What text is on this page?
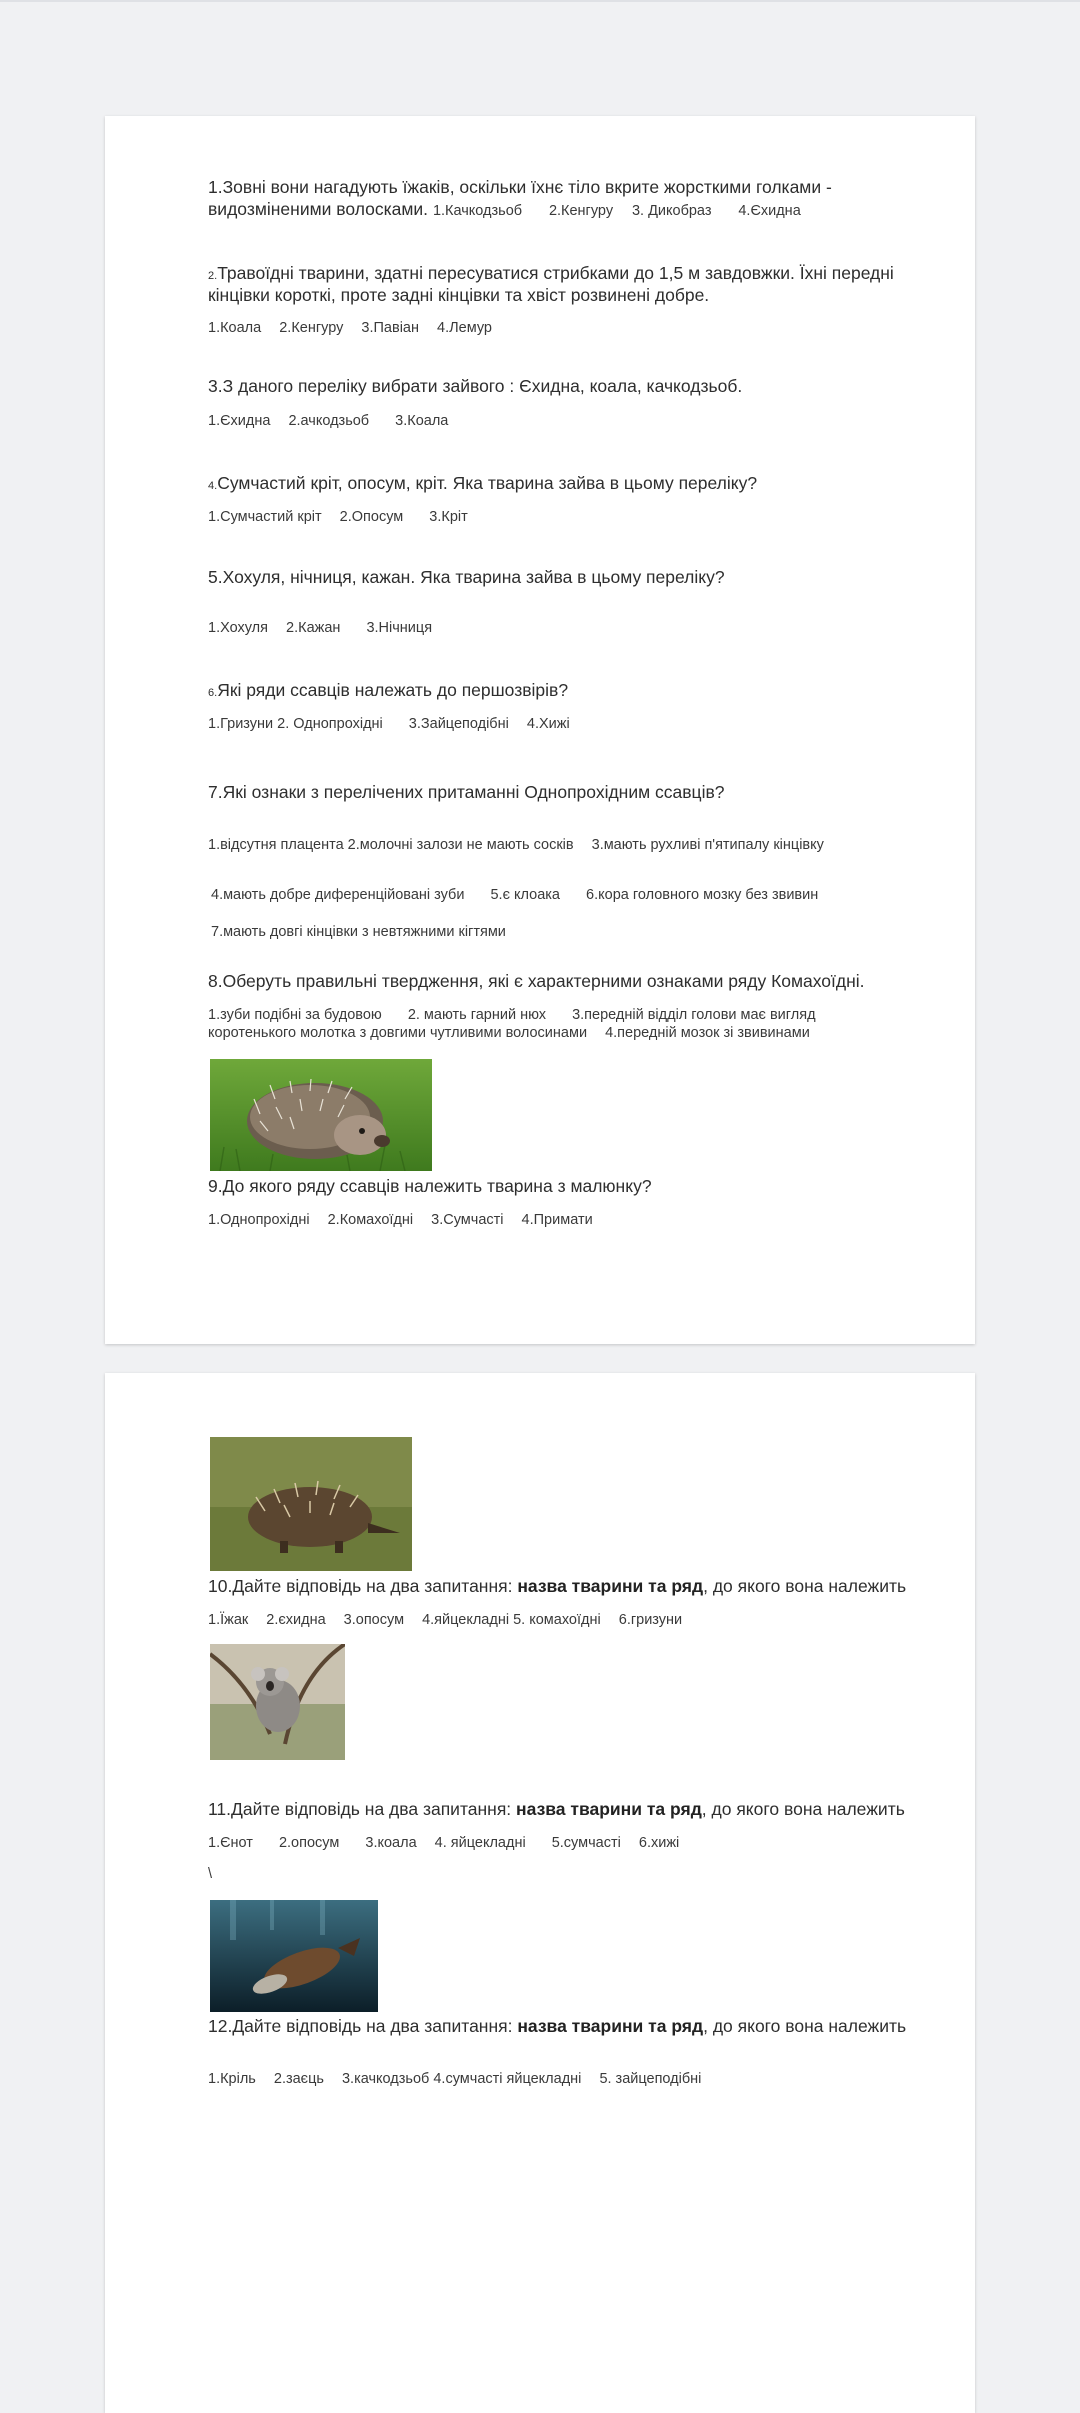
1.Зовні вони нагадують їжаків, оскільки їхнє тіло вкрите жорсткими голками -
видозміненими волосками. 1.Качкодзьоб 2.Кенгуру 3. Дикобраз 4.Єхидна
2.Травоїдні тварини, здатні пересуватися стрибками до 1,5 м завдовжки. Їхні передні
кінцівки короткі, проте задні кінцівки та хвіст розвинені добре.
1.Коала 2.Кенгуру 3.Павіан 4.Лемур
3.З даного переліку вибрати зайвого : Єхидна, коала, качкодзьоб.
1.Єхидна 2.ачкодзьоб 3.Коала
4.Сумчастий кріт, опосум, кріт. Яка тварина зайва в цьому переліку?
1.Сумчастий кріт 2.Опосум 3.Кріт
5.Хохуля, нічниця, кажан. Яка тварина зайва в цьому переліку?
1.Хохуля 2.Кажан 3.Нічниця
6.Які ряди ссавців належать до першозвірів?
1.Гризуни 2. Однопрохідні 3.Зайцеподібні 4.Хижі
7.Які ознаки з перелічених притаманні Однопрохідним ссавців?
1.відсутня плацента 2.молочні залози не мають сосків 3.мають рухливі п'ятипалу кінцівку
4.мають добре диференційовані зуби 5.є клоака 6.кора головного мозку без звивин
7.мають довгі кінцівки з невтяжними кігтями
8.Оберуть правильні твердження, які є характерними ознаками ряду Комахоїдні.
1.зуби подібні за будовою 2. мають гарний нюх 3.передній відділ голови має вигляд
коротенького молотка з довгими чутливими волосинами 4.передній мозок зі звивинами
9.До якого ряду ссавців належить тварина з малюнку?
1.Однопрохідні 2.Комахоїдні 3.Сумчасті 4.Примати
10.Дайте відповідь на два запитання: назва тварини та ряд, до якого вона належить
1.Їжак 2.єхидна 3.опосум 4.яйцекладні 5. комахоїдні 6.гризуни
11.Дайте відповідь на два запитання: назва тварини та ряд, до якого вона належить
1.Єнот 2.опосум 3.коала 4. яйцекладні 5.сумчасті 6.хижі
\
12.Дайте відповідь на два запитання: назва тварини та ряд, до якого вона належить
1.Кріль 2.заєць 3.качкодзьоб 4.сумчасті яйцекладні 5. зайцеподібні
